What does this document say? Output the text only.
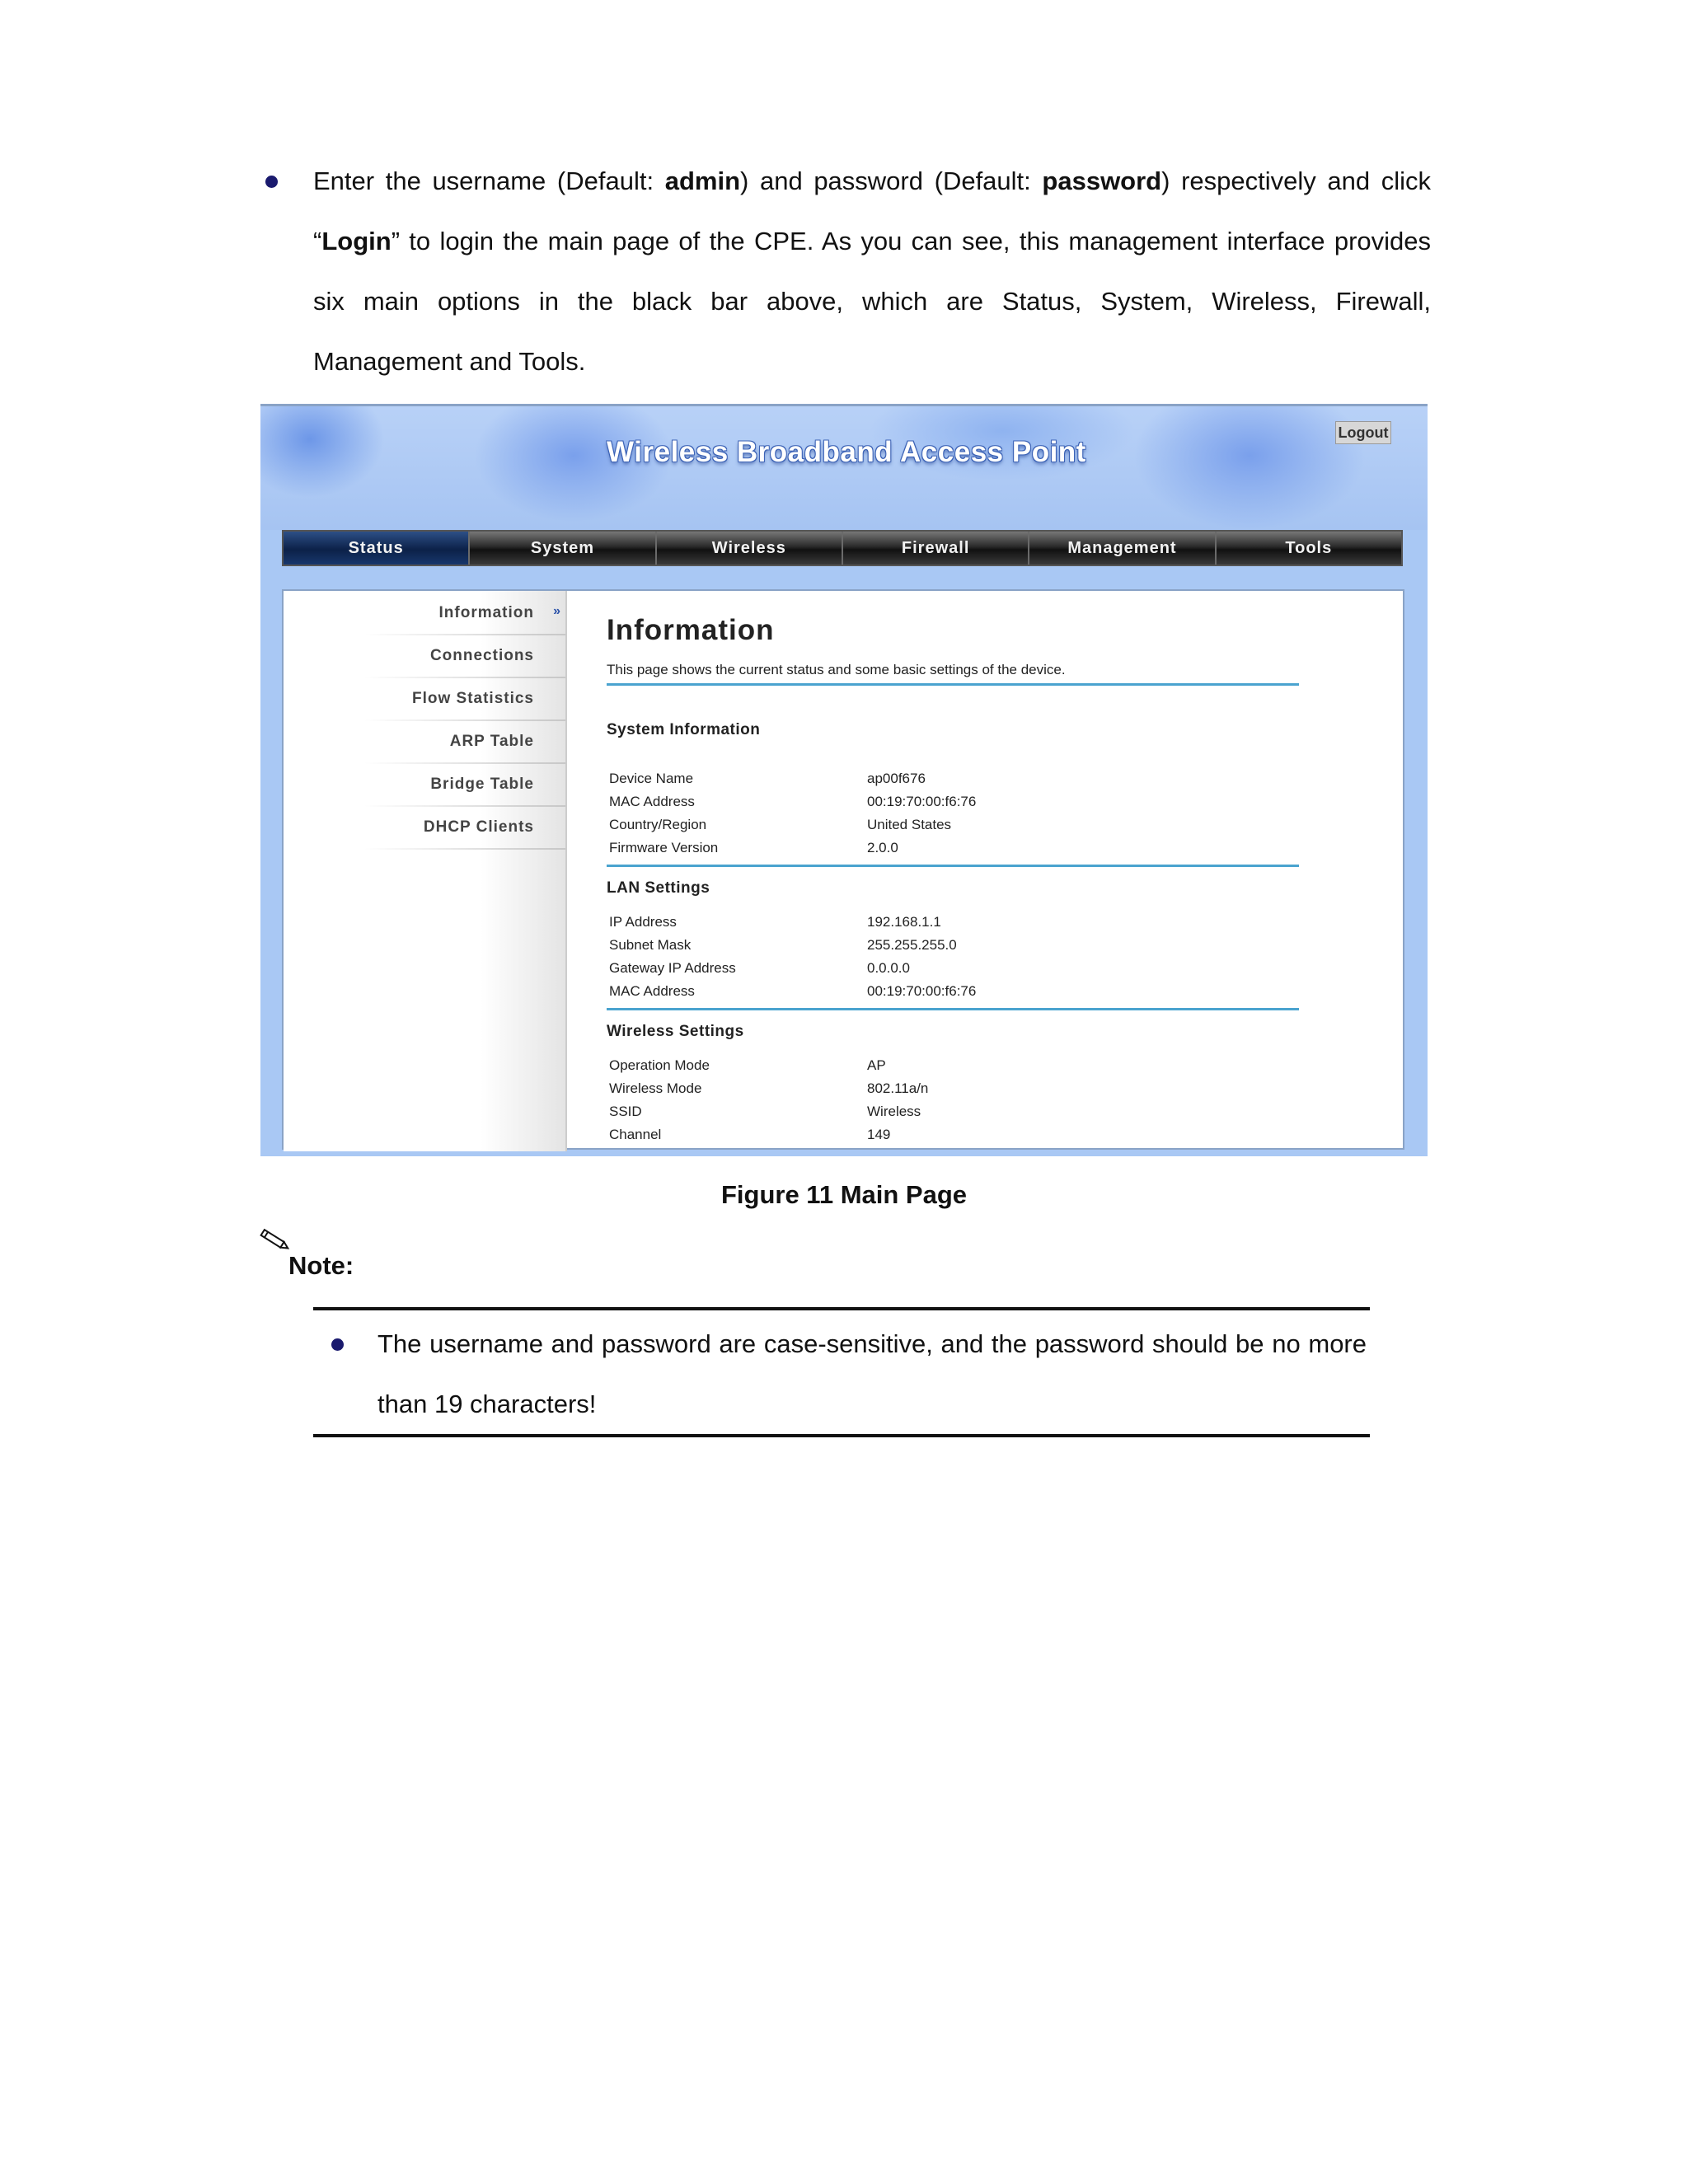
Enter the username (Default: admin) and password (Default: password) respectively and click “Login” to login the main page of the CPE. As you can see, this management interface provides six main options in the black bar above, which are Status, System, Wireless, Firewall, Management and Tools.

Wireless Broadband Access Point
Logout
Status	System	Wireless	Firewall	Management	Tools
Information »
Connections
Flow Statistics
ARP Table
Bridge Table
DHCP Clients
Information
This page shows the current status and some basic settings of the device.
System Information
Device Name	ap00f676
MAC Address	00:19:70:00:f6:76
Country/Region	United States
Firmware Version	2.0.0
LAN Settings
IP Address	192.168.1.1
Subnet Mask	255.255.255.0
Gateway IP Address	0.0.0.0
MAC Address	00:19:70:00:f6:76
Wireless Settings
Operation Mode	AP
Wireless Mode	802.11a/n
SSID	Wireless
Channel	149
Figure 11 Main Page
Note:

The username and password are case-sensitive, and the password should be no more than 19 characters!
